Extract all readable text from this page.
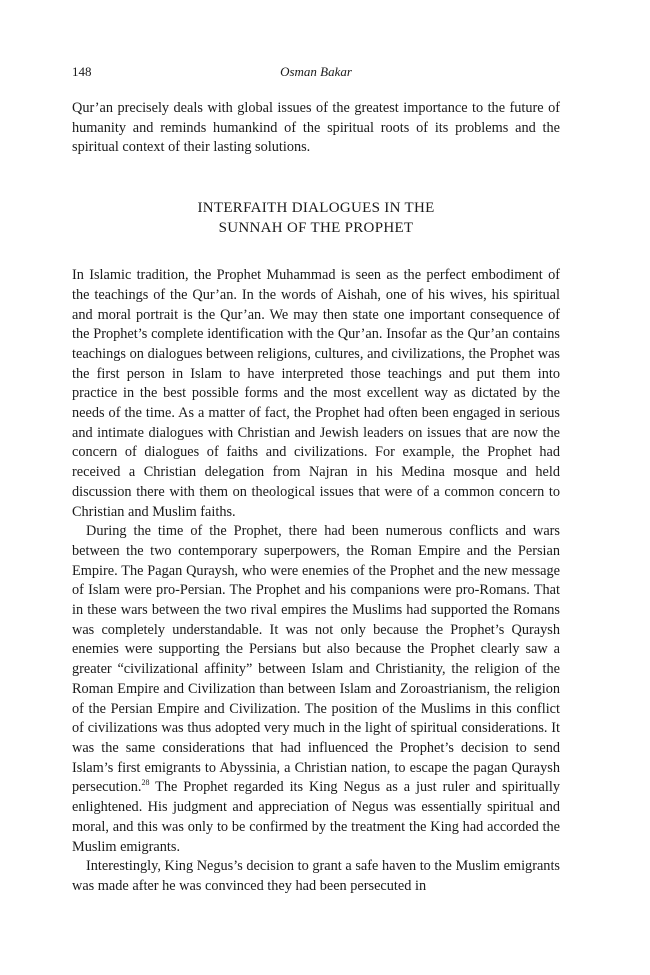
148	Osman Bakar

Qur’an precisely deals with global issues of the greatest importance to the future of humanity and reminds humankind of the spiritual roots of its problems and the spiritual context of their lasting solutions.

INTERFAITH DIALOGUES IN THE
SUNNAH OF THE PROPHET

In Islamic tradition, the Prophet Muhammad is seen as the perfect embodiment of the teachings of the Qur’an. In the words of Aishah, one of his wives, his spiritual and moral portrait is the Qur’an. We may then state one important consequence of the Prophet’s complete identification with the Qur’an. Insofar as the Qur’an contains teachings on dialogues between religions, cultures, and civilizations, the Prophet was the first person in Islam to have interpreted those teachings and put them into practice in the best possible forms and the most excellent way as dictated by the needs of the time. As a matter of fact, the Prophet had often been engaged in serious and intimate dialogues with Christian and Jewish leaders on issues that are now the concern of dialogues of faiths and civilizations. For example, the Prophet had received a Christian delegation from Najran in his Medina mosque and held discussion there with them on theological issues that were of a common concern to Christian and Muslim faiths.

During the time of the Prophet, there had been numerous conflicts and wars between the two contemporary superpowers, the Roman Empire and the Persian Empire. The Pagan Quraysh, who were enemies of the Prophet and the new message of Islam were pro-Persian. The Prophet and his companions were pro-Romans. That in these wars between the two rival empires the Muslims had supported the Romans was completely understandable. It was not only because the Prophet’s Quraysh enemies were supporting the Persians but also because the Prophet clearly saw a greater “civilizational affinity” between Islam and Christianity, the religion of the Roman Empire and Civilization than between Islam and Zoroastrianism, the religion of the Persian Empire and Civilization. The position of the Muslims in this conflict of civilizations was thus adopted very much in the light of spiritual considerations. It was the same considerations that had influenced the Prophet’s decision to send Islam’s first emigrants to Abyssinia, a Christian nation, to escape the pagan Quraysh persecution.$^{28}$ The Prophet regarded its King Negus as a just ruler and spiritually enlightened. His judgment and appreciation of Negus was essentially spiritual and moral, and this was only to be confirmed by the treatment the King had accorded the Muslim emigrants.

Interestingly, King Negus’s decision to grant a safe haven to the Muslim emigrants was made after he was convinced they had been persecuted in
